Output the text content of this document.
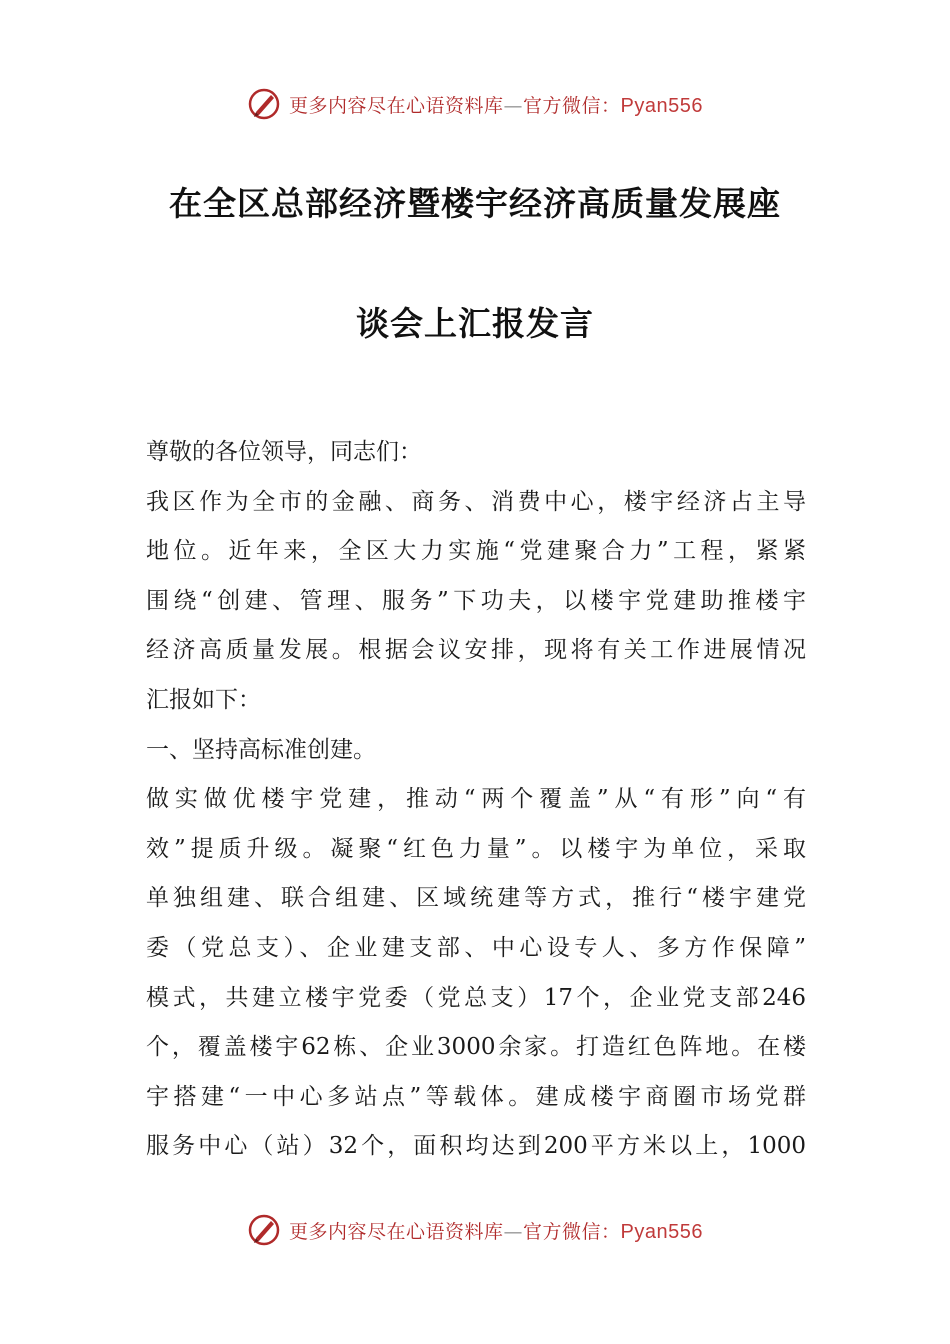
更多内容尽在心语资料库—官方微信：Pyan556
在全区总部经济暨楼宇经济高质量发展座
谈会上汇报发言

尊敬的各位领导，同志们：

我区作为全市的金融、商务、消费中心，楼宇经济占主导

地位。近年来，全区大力实施“党建聚合力”工程，紧紧

围绕“创建、管理、服务”下功夫，以楼宇党建助推楼宇

经济高质量发展。根据会议安排，现将有关工作进展情况

汇报如下：

一、坚持高标准创建。

做实做优楼宇党建，推动“两个覆盖”从“有形”向“有

效”提质升级。凝聚“红色力量”。以楼宇为单位，采取

单独组建、联合组建、区域统建等方式，推行“楼宇建党

委（党总支）、企业建支部、中心设专人、多方作保障”

模式，共建立楼宇党委（党总支）17个，企业党支部246

个，覆盖楼宇62栋、企业3000余家。打造红色阵地。在楼

宇搭建“一中心多站点”等载体。建成楼宇商圈市场党群

服务中心（站）32个，面积均达到200平方米以上，1000

更多内容尽在心语资料库—官方微信：Pyan556
